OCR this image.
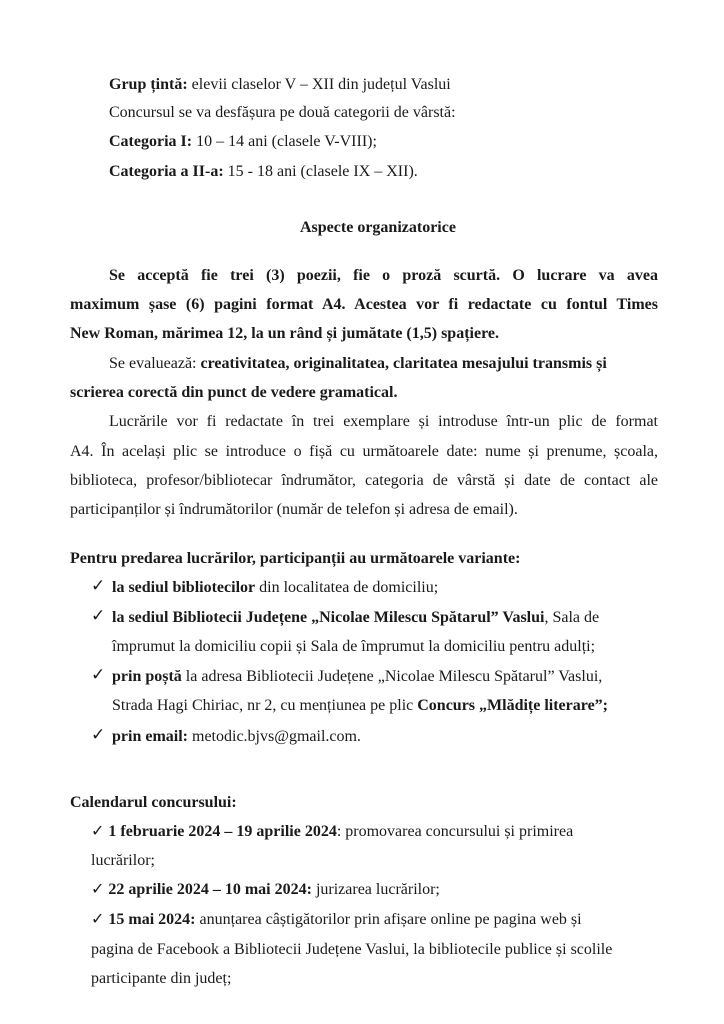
Grup țintă: elevii claselor V – XII din județul Vaslui
Concursul se va desfășura pe două categorii de vârstă:
Categoria I: 10 – 14 ani (clasele V-VIII);
Categoria a II-a: 15 - 18 ani (clasele IX – XII).
Aspecte organizatorice
Se acceptă fie trei (3) poezii, fie o proză scurtă. O lucrare va avea
maximum șase (6) pagini format A4. Acestea vor fi redactate cu fontul Times
New Roman, mărimea 12, la un rând și jumătate (1,5) spațiere.
Se evaluează: creativitatea, originalitatea, claritatea mesajului transmis și
scrierea corectă din punct de vedere gramatical.
Lucrările vor fi redactate în trei exemplare și introduse într-un plic de format
A4. În același plic se introduce o fișă cu următoarele date: nume și prenume, școala,
biblioteca, profesor/bibliotecar îndrumător, categoria de vârstă și date de contact ale
participanților și îndrumătorilor (număr de telefon și adresa de email).
Pentru predarea lucrărilor, participanții au următoarele variante:
✓ la sediul bibliotecilor din localitatea de domiciliu;
✓ la sediul Bibliotecii Județene „Nicolae Milescu Spătarul” Vaslui, Sala de
împrumut la domiciliu copii și Sala de împrumut la domiciliu pentru adulți;
✓ prin poștă la adresa Bibliotecii Județene „Nicolae Milescu Spătarul” Vaslui,
Strada Hagi Chiriac, nr 2, cu mențiunea pe plic Concurs „Mlădițe literare”;
✓ prin email: metodic.bjvs@gmail.com.
Calendarul concursului:
✓ 1 februarie 2024 – 19 aprilie 2024: promovarea concursului și primirea
lucrărilor;
✓ 22 aprilie 2024 – 10 mai 2024: jurizarea lucrărilor;
✓ 15 mai 2024: anunțarea câștigătorilor prin afișare online pe pagina web și
pagina de Facebook a Bibliotecii Județene Vaslui, la bibliotecile publice și scolile
participante din județ;
